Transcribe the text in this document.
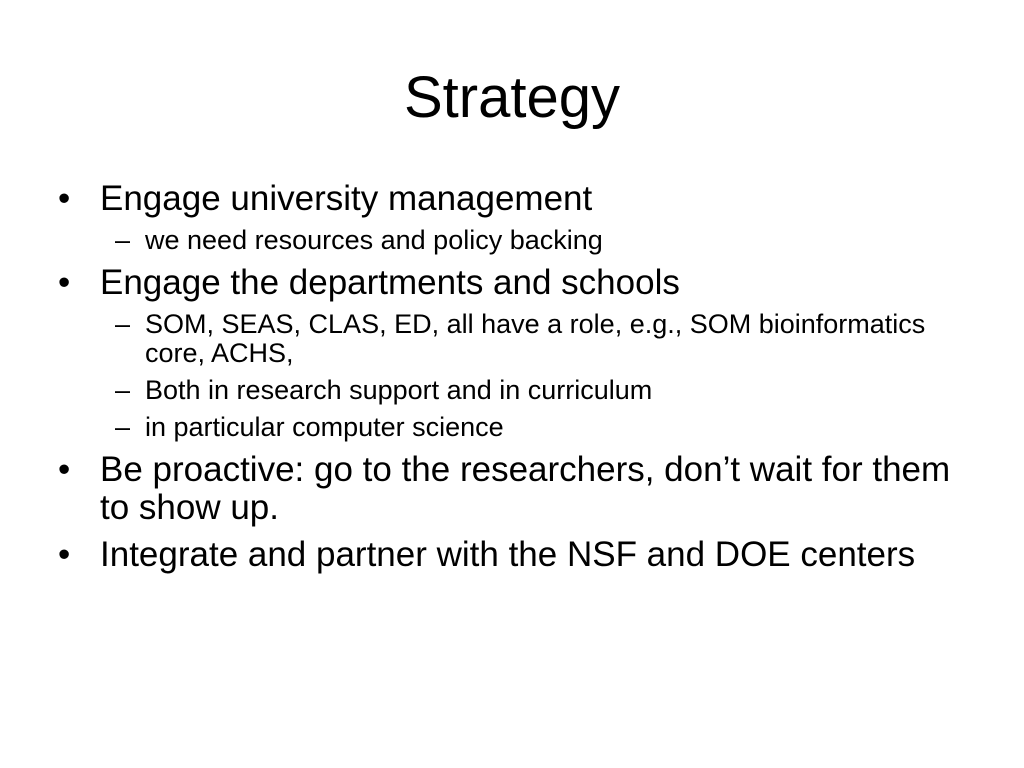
Strategy
• Engage university management
– we need resources and policy backing
• Engage the departments and schools
– SOM, SEAS, CLAS, ED, all have a role, e.g., SOM bioinformatics core, ACHS,
– Both in research support and in curriculum
– in particular computer science
• Be proactive: go to the researchers, don’t wait for them to show up.
• Integrate and partner with the NSF and DOE centers
